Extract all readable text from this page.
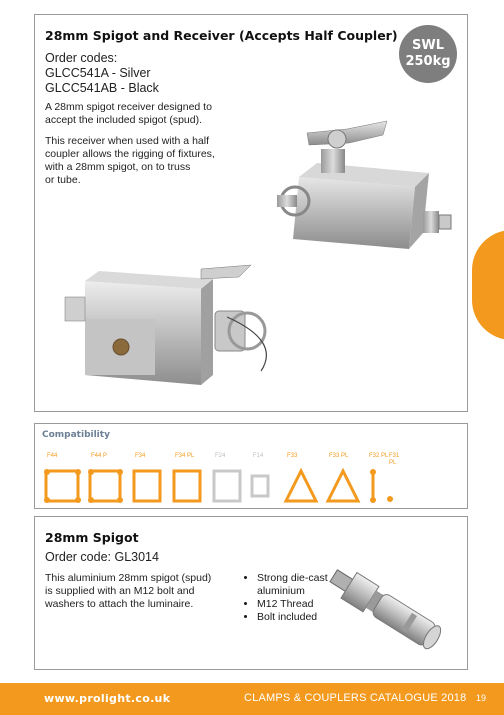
28mm Spigot and Receiver (Accepts Half Coupler)
Order codes:
GLCC541A - Silver
GLCC541AB - Black
SWL
250kg
A 28mm spigot receiver designed to
accept the included spigot (spud).
This receiver when used with a half
coupler allows the rigging of fixtures,
with a 28mm spigot, on to truss
or tube.
Compatibility
F44	F44 P	F34	F34 PL	F24	F14	F33	F33 PL	F32 PL F31 PL
28mm Spigot
Order code: GL3014
This aluminium 28mm spigot (spud)
is supplied with an M12 bolt and
washers to attach the luminaire.
• Strong die-cast
aluminium
• M12 Thread
• Bolt included
www.prolight.co.uk	CLAMPS & COUPLERS CATALOGUE 2018 19
